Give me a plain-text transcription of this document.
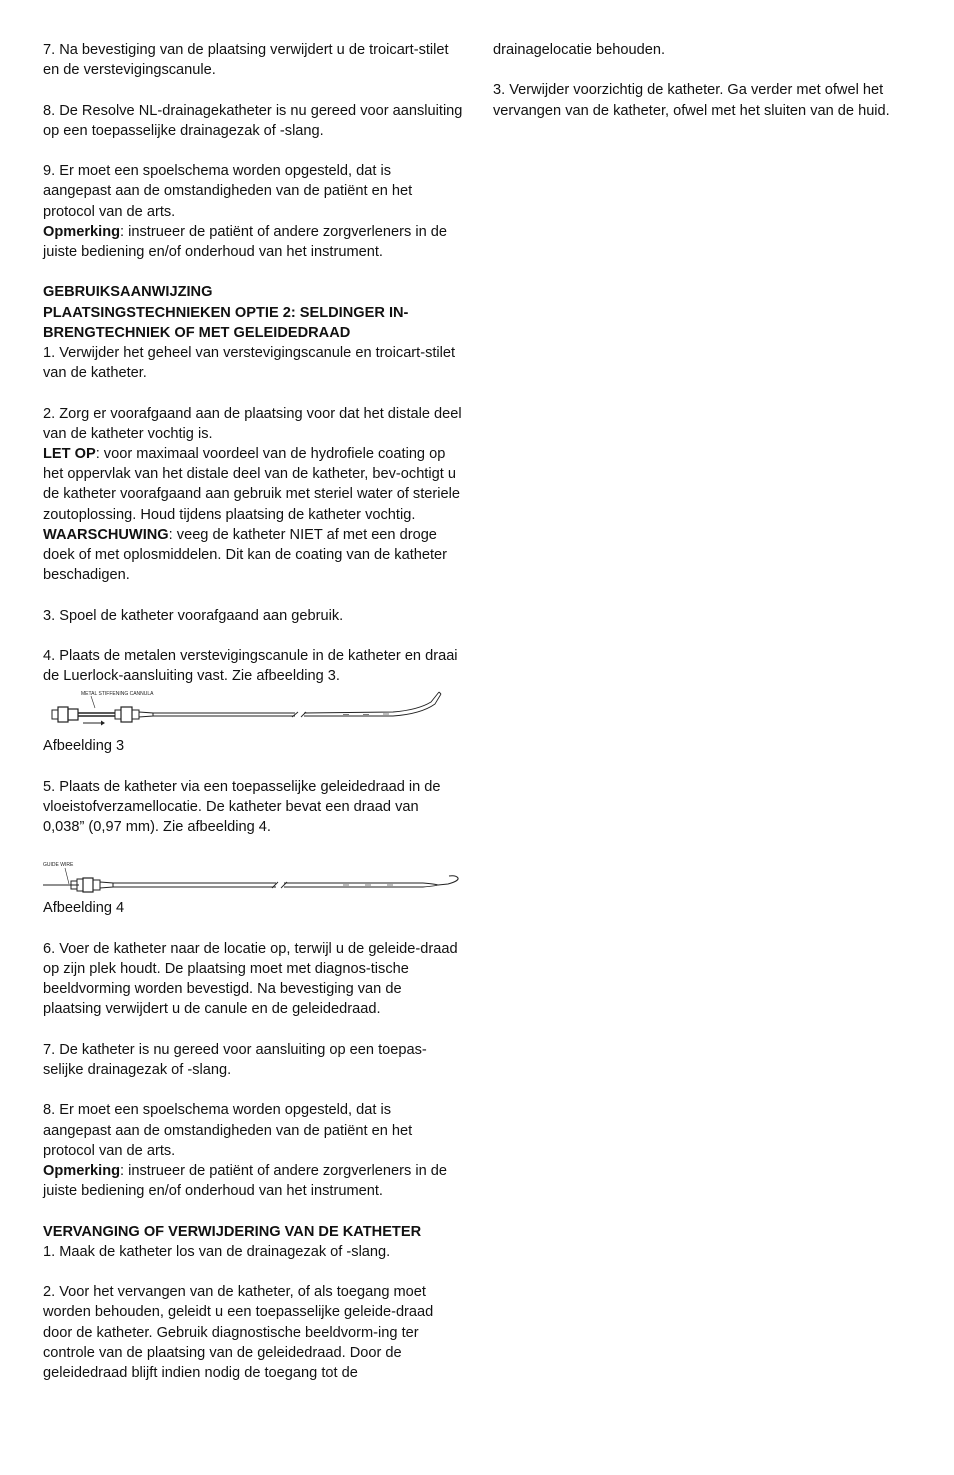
7. Na bevestiging van de plaatsing verwijdert u de troicart-stilet en de verstevigingscanule.

8. De Resolve NL-drainagekatheter is nu gereed voor aansluiting op een toepasselijke drainagezak of -slang.

9. Er moet een spoelschema worden opgesteld, dat is aangepast aan de omstandigheden van de patiënt en het protocol van de arts.

Opmerking: instrueer de patiënt of andere zorgverleners in de juiste bediening en/of onderhoud van het instrument.

GEBRUIKSAANWIJZING

PLAATSINGSTECHNIEKEN OPTIE 2: SELDINGER IN-BRENGTECHNIEK OF MET GELEIDEDRAAD

1. Verwijder het geheel van verstevigingscanule en troicart-stilet van de katheter.

2. Zorg er voorafgaand aan de plaatsing voor dat het distale deel van de katheter vochtig is.

LET OP: voor maximaal voordeel van de hydrofiele coating op het oppervlak van het distale deel van de katheter, bev-ochtigt u de katheter voorafgaand aan gebruik met steriel water of steriele zoutoplossing. Houd tijdens plaatsing de katheter vochtig.

WAARSCHUWING: veeg de katheter NIET af met een droge doek of met oplosmiddelen. Dit kan de coating van de katheter beschadigen.

3. Spoel de katheter voorafgaand aan gebruik.

4. Plaats de metalen verstevigingscanule in de katheter en draai de Luerlock-aansluiting vast. Zie afbeelding 3.

METAL STIFFENING CANNULA

Afbeelding 3

5. Plaats de katheter via een toepasselijke geleidedraad in de vloeistofverzamellocatie. De katheter bevat een draad van 0,038” (0,97 mm). Zie afbeelding 4.

GUIDE WIRE

Afbeelding 4

6. Voer de katheter naar de locatie op, terwijl u de geleide-draad op zijn plek houdt. De plaatsing moet met diagnos-tische beeldvorming worden bevestigd. Na bevestiging van de plaatsing verwijdert u de canule en de geleidedraad.

7. De katheter is nu gereed voor aansluiting op een toepas-selijke drainagezak of -slang.

8. Er moet een spoelschema worden opgesteld, dat is aangepast aan de omstandigheden van de patiënt en het protocol van de arts.

Opmerking: instrueer de patiënt of andere zorgverleners in de juiste bediening en/of onderhoud van het instrument.

VERVANGING OF VERWIJDERING VAN DE KATHETER

1. Maak de katheter los van de drainagezak of -slang.

2. Voor het vervangen van de katheter, of als toegang moet worden behouden, geleidt u een toepasselijke geleide-draad door de katheter. Gebruik diagnostische beeldvorm-ing ter controle van de plaatsing van de geleidedraad. Door de geleidedraad blijft indien nodig de toegang tot de

drainagelocatie behouden.

3. Verwijder voorzichtig de katheter. Ga verder met ofwel het vervangen van de katheter, ofwel met het sluiten van de huid.
